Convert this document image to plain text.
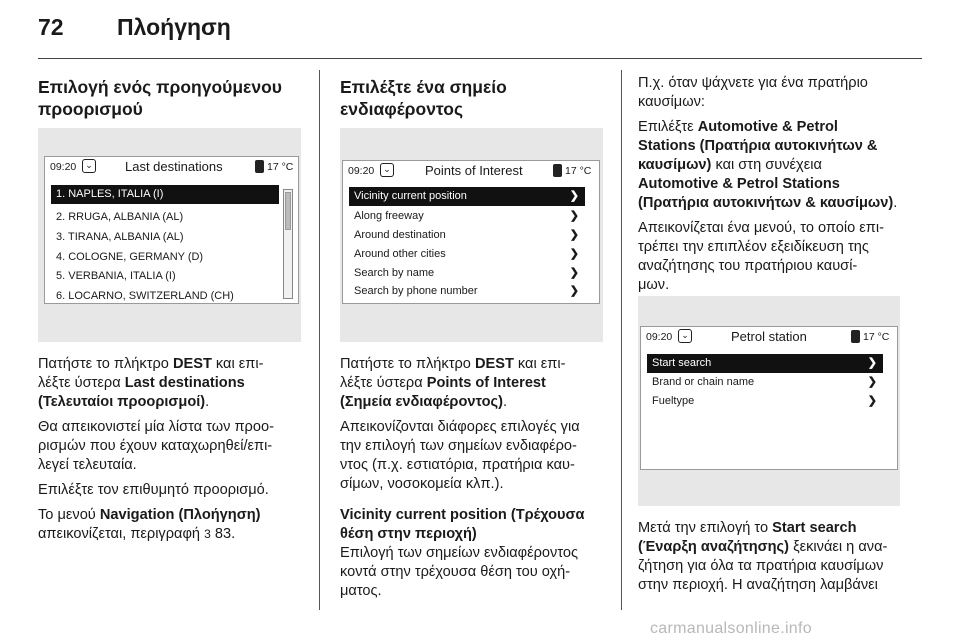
72 Πλοήγηση
Επιλογή ενός προηγούμενου
προορισμού
09:20 ⌄ Last destinations	17 °C
1. NAPLES, ITALIA (I)
2. RRUGA, ALBANIA (AL)
3. TIRANA, ALBANIA (AL)
4. COLOGNE, GERMANY (D)
5. VERBANIA, ITALIA (I)
6. LOCARNO, SWITZERLAND (CH)
Πατήστε το πλήκτρο DEST και επι-
λέξτε ύστερα Last destinations
(Τελευταίοι προορισμοί).
Θα απεικονιστεί μία λίστα των προο-
ρισμών που έχουν καταχωρηθεί/επι-
λεγεί τελευταία.
Επιλέξτε τον επιθυμητό προορισμό.
Το μενού Navigation (Πλοήγηση)
απεικονίζεται, περιγραφή 3 83.
Επιλέξτε ένα σημείο
ενδιαφέροντος
09:20 ⌄	Points of Interest	17 °C
Vicinity current position	❯
Along freeway	❯
Around destination	❯
Around other cities	❯
Search by name	❯
Search by phone number	❯
Πατήστε το πλήκτρο DEST και επι-
λέξτε ύστερα Points of Interest
(Σημεία ενδιαφέροντος).
Απεικονίζονται διάφορες επιλογές για
την επιλογή των σημείων ενδιαφέρο-
ντος (π.χ. εστιατόρια, πρατήρια καυ-
σίμων, νοσοκομεία κλπ.).
Vicinity current position (Τρέχουσα
θέση στην περιοχή)
Επιλογή των σημείων ενδιαφέροντος
κοντά στην τρέχουσα θέση του οχή-
ματος.
Π.χ. όταν ψάχνετε για ένα πρατήριο
καυσίμων:
Επιλέξτε Automotive & Petrol
Stations (Πρατήρια αυτοκινήτων &
καυσίμων) και στη συνέχεια
Automotive & Petrol Stations
(Πρατήρια αυτοκινήτων & καυσίμων).
Απεικονίζεται ένα μενού, το οποίο επι-
τρέπει την επιπλέον εξειδίκευση της
αναζήτησης του πρατήριου καυσί-
μων.
09:20 ⌄	Petrol station	17 °C
Start search	❯
Brand or chain name	❯
Fueltype	❯
Μετά την επιλογή το Start search
(Έναρξη αναζήτησης) ξεκινάει η ανα-
ζήτηση για όλα τα πρατήρια καυσίμων
στην περιοχή. Η αναζήτηση λαμβάνει
carmanualsonline.info
